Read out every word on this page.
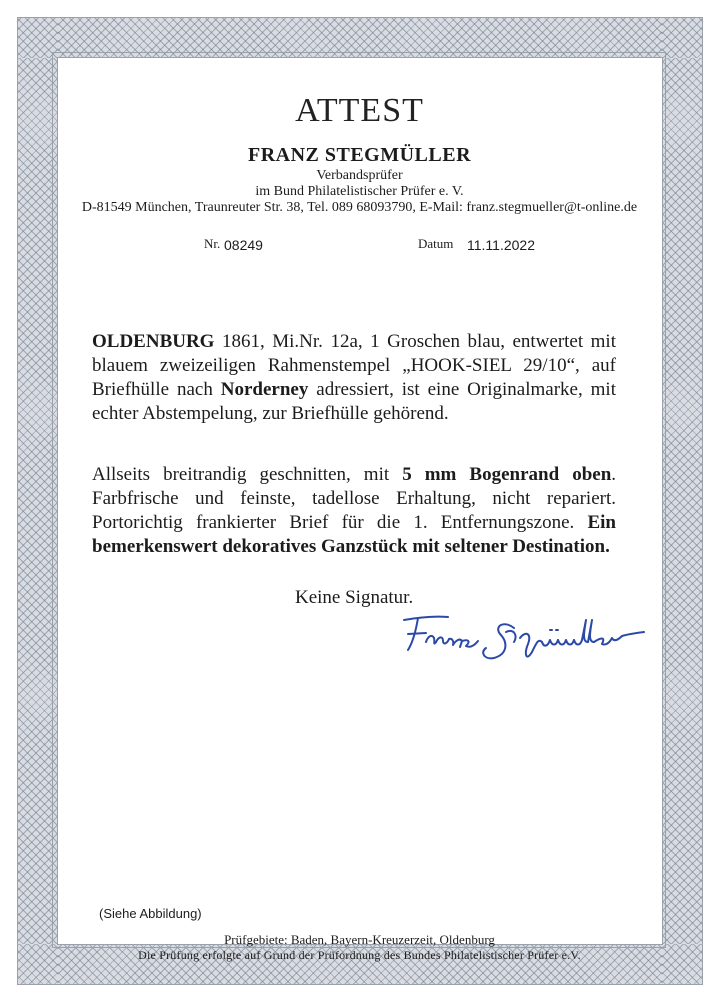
ATTEST
FRANZ STEGMÜLLER
Verbandsprüfer
im Bund Philatelistischer Prüfer e. V.
D-81549 München, Traunreuter Str. 38, Tel. 089 68093790, E-Mail: franz.stegmueller@t-online.de
Nr. 08249	Datum 11.11.2022
OLDENBURG 1861, Mi.Nr. 12a, 1 Groschen blau, entwertet mit blauem zweizeiligen Rahmenstempel „HOOK-SIEL 29/10“, auf Briefhülle nach Norderney adressiert, ist eine Originalmarke, mit echter Abstempelung, zur Briefhülle gehörend.
Allseits breitrandig geschnitten, mit 5 mm Bogenrand oben. Farbfrische und feinste, tadellose Erhaltung, nicht repariert. Portorichtig frankierter Brief für die 1. Entfernungszone. Ein bemerkenswert dekoratives Ganzstück mit seltener Destination.
Keine Signatur.
(Siehe Abbildung)
Prüfgebiete: Baden, Bayern-Kreuzerzeit, Oldenburg
Die Prüfung erfolgte auf Grund der Prüfordnung des Bundes Philatelistischer Prüfer e.V.
